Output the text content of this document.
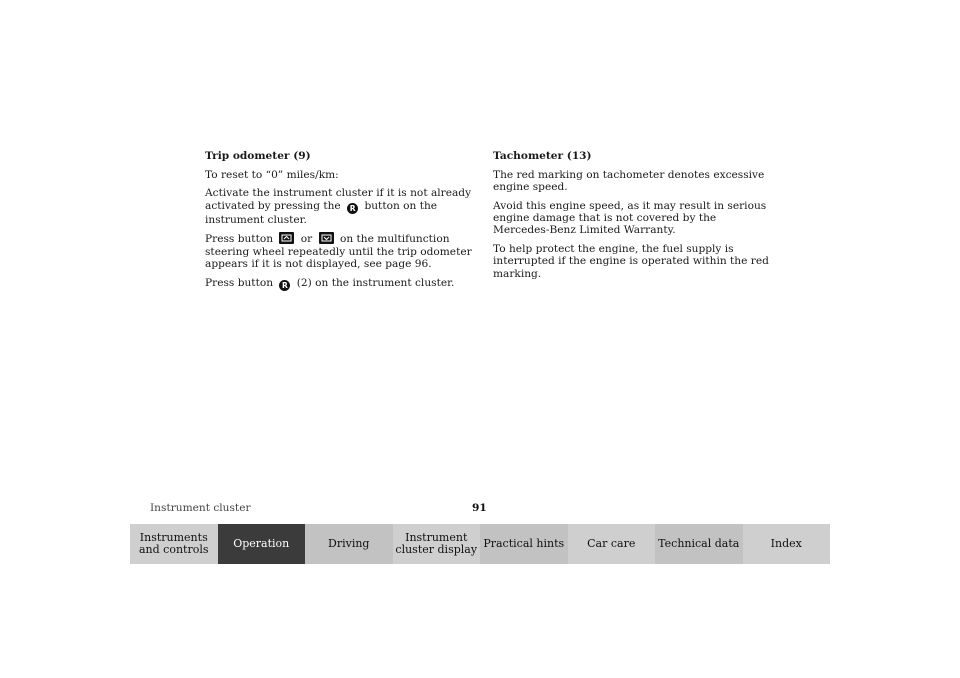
Trip odometer (9)

To reset to “0” miles/km:

Activate the instrument cluster if it is not already activated by pressing the R button on the instrument cluster.

Press button	or	on the multifunction steering wheel repeatedly until the trip odometer appears if it is not displayed, see page 96.

Press button R (2) on the instrument cluster.

Tachometer (13)

The red marking on tachometer denotes excessive engine speed.

Avoid this engine speed, as it may result in serious engine damage that is not covered by the Mercedes-Benz Limited Warranty.

To help protect the engine, the fuel supply is interrupted if the engine is operated within the red marking.

Instrument cluster	91
Instruments and controls	Operation	Driving	Instrument cluster display Practical hints	Car care	Technical data	Index
